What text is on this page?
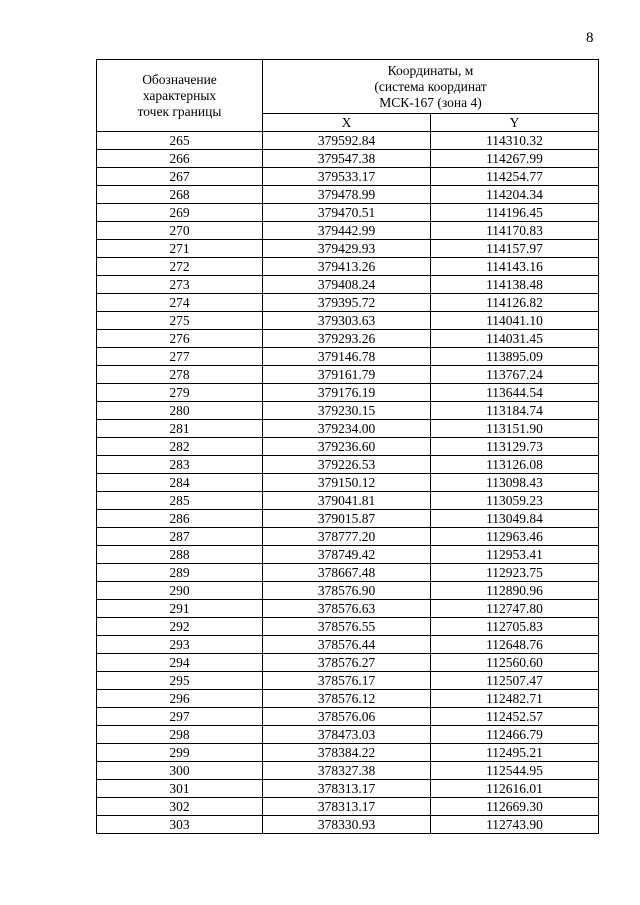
8
Обозначение
характерных
точек границы	Координаты, м
(система координат
МСК-167 (зона 4)	

	X	Y
265	379592.84	114310.32
266	379547.38	114267.99
267	379533.17	114254.77
268	379478.99	114204.34
269	379470.51	114196.45
270	379442.99	114170.83
271	379429.93	114157.97
272	379413.26	114143.16
273	379408.24	114138.48
274	379395.72	114126.82
275	379303.63	114041.10
276	379293.26	114031.45
277	379146.78	113895.09
278	379161.79	113767.24
279	379176.19	113644.54
280	379230.15	113184.74
281	379234.00	113151.90
282	379236.60	113129.73
283	379226.53	113126.08
284	379150.12	113098.43
285	379041.81	113059.23
286	379015.87	113049.84
287	378777.20	112963.46
288	378749.42	112953.41
289	378667.48	112923.75
290	378576.90	112890.96
291	378576.63	112747.80
292	378576.55	112705.83
293	378576.44	112648.76
294	378576.27	112560.60
295	378576.17	112507.47
296	378576.12	112482.71
297	378576.06	112452.57
298	378473.03	112466.79
299	378384.22	112495.21
300	378327.38	112544.95
301	378313.17	112616.01
302	378313.17	112669.30
303	378330.93	112743.90
